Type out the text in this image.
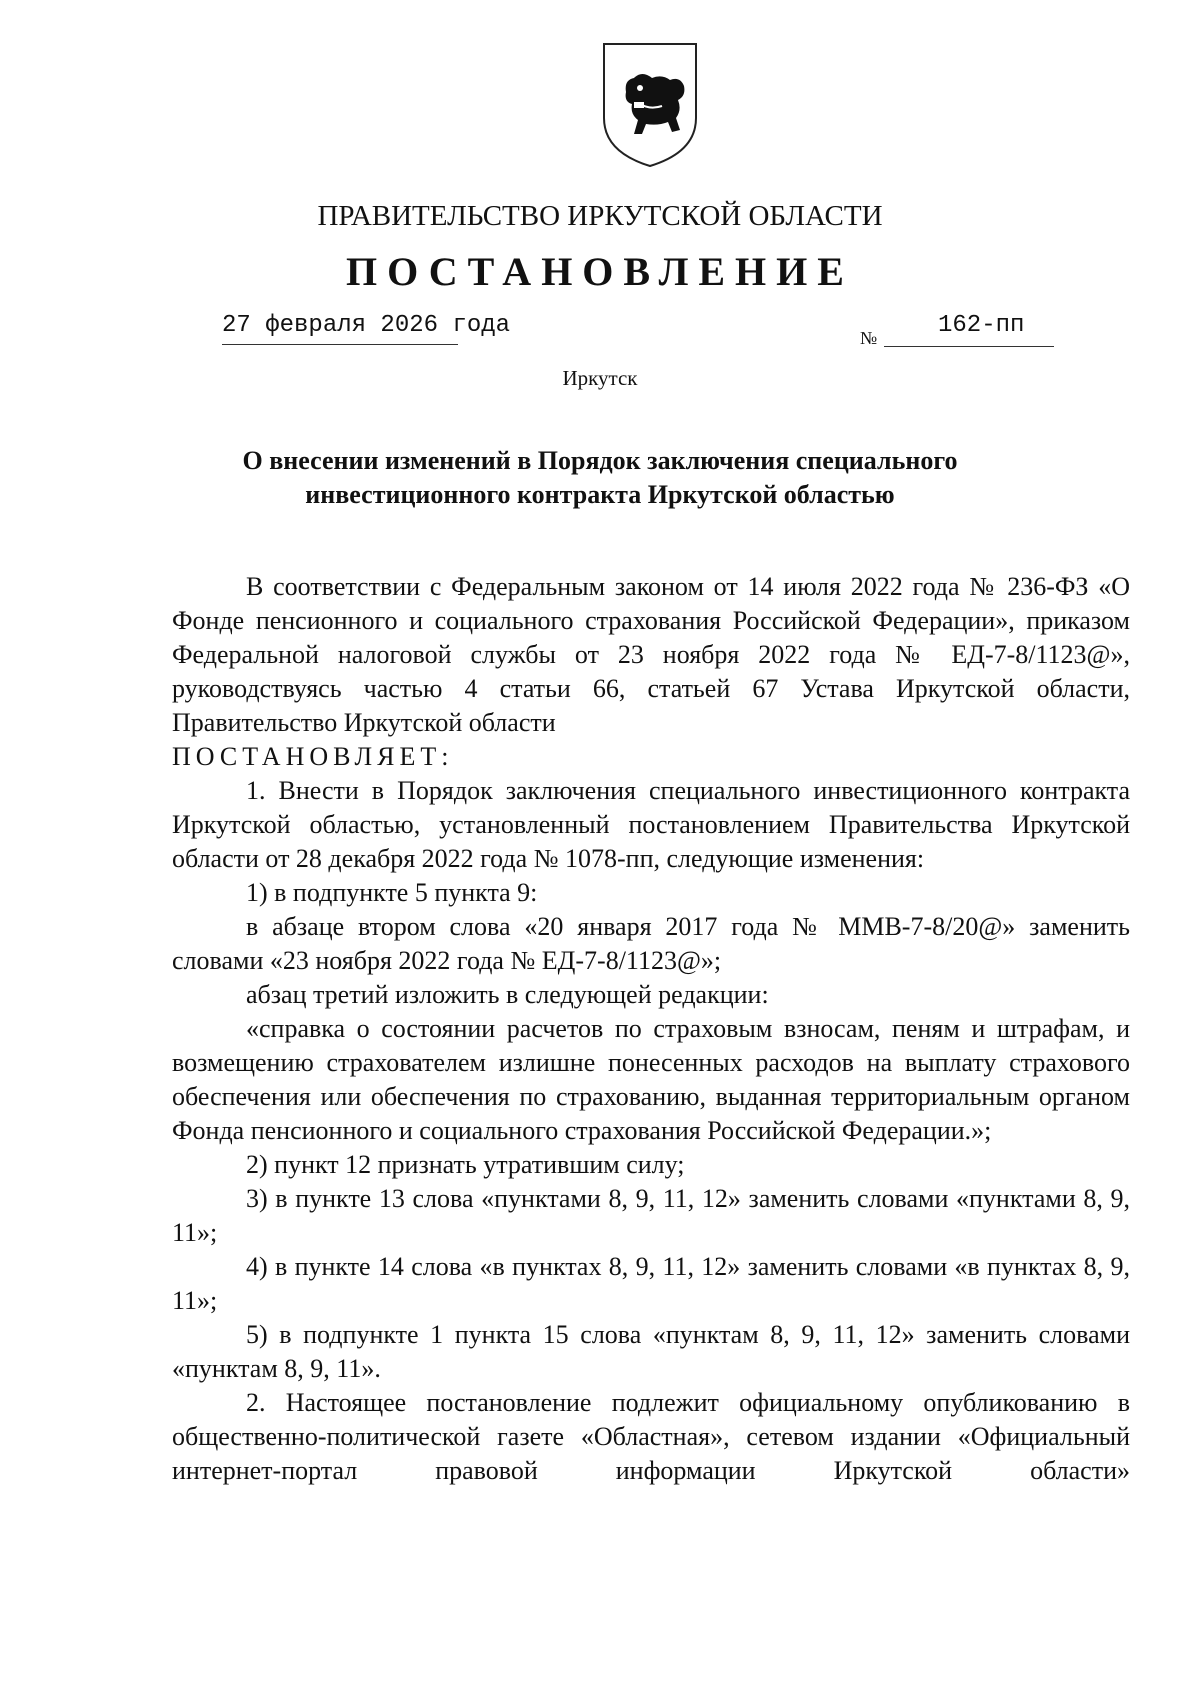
ПРАВИТЕЛЬСТВО ИРКУТСКОЙ ОБЛАСТИ
ПОСТАНОВЛЕНИЕ
27 февраля 2026 года	№	162-пп
Иркутск
О внесении изменений в Порядок заключения специального
инвестиционного контракта Иркутской областью

В соответствии с Федеральным законом от 14 июля 2022 года № 236-ФЗ «О Фонде пенсионного и социального страхования Российской Федерации», приказом Федеральной налоговой службы от 23 ноября 2022 года № ЕД-7-8/1123@», руководствуясь частью 4 статьи 66, статьей 67 Устава Иркутской области, Правительство Иркутской области

ПОСТАНОВЛЯЕТ:

1. Внести в Порядок заключения специального инвестиционного контракта Иркутской областью, установленный постановлением Правительства Иркутской области от 28 декабря 2022 года № 1078-пп, следующие изменения:

1) в подпункте 5 пункта 9:

в абзаце втором слова «20 января 2017 года № ММВ-7-8/20@» заменить словами «23 ноября 2022 года № ЕД-7-8/1123@»;

абзац третий изложить в следующей редакции:

«справка о состоянии расчетов по страховым взносам, пеням и штрафам, и возмещению страхователем излишне понесенных расходов на выплату страхового обеспечения или обеспечения по страхованию, выданная территориальным органом Фонда пенсионного и социального страхования Российской Федерации.»;

2) пункт 12 признать утратившим силу;

3) в пункте 13 слова «пунктами 8, 9, 11, 12» заменить словами «пунктами 8, 9, 11»;

4) в пункте 14 слова «в пунктах 8, 9, 11, 12» заменить словами «в пунктах 8, 9, 11»;

5) в подпункте 1 пункта 15 слова «пунктам 8, 9, 11, 12» заменить словами «пунктам 8, 9, 11».

2. Настоящее постановление подлежит официальному опубликованию в общественно-политической газете «Областная», сетевом издании «Официальный интернет-портал правовой информации Иркутской области»
